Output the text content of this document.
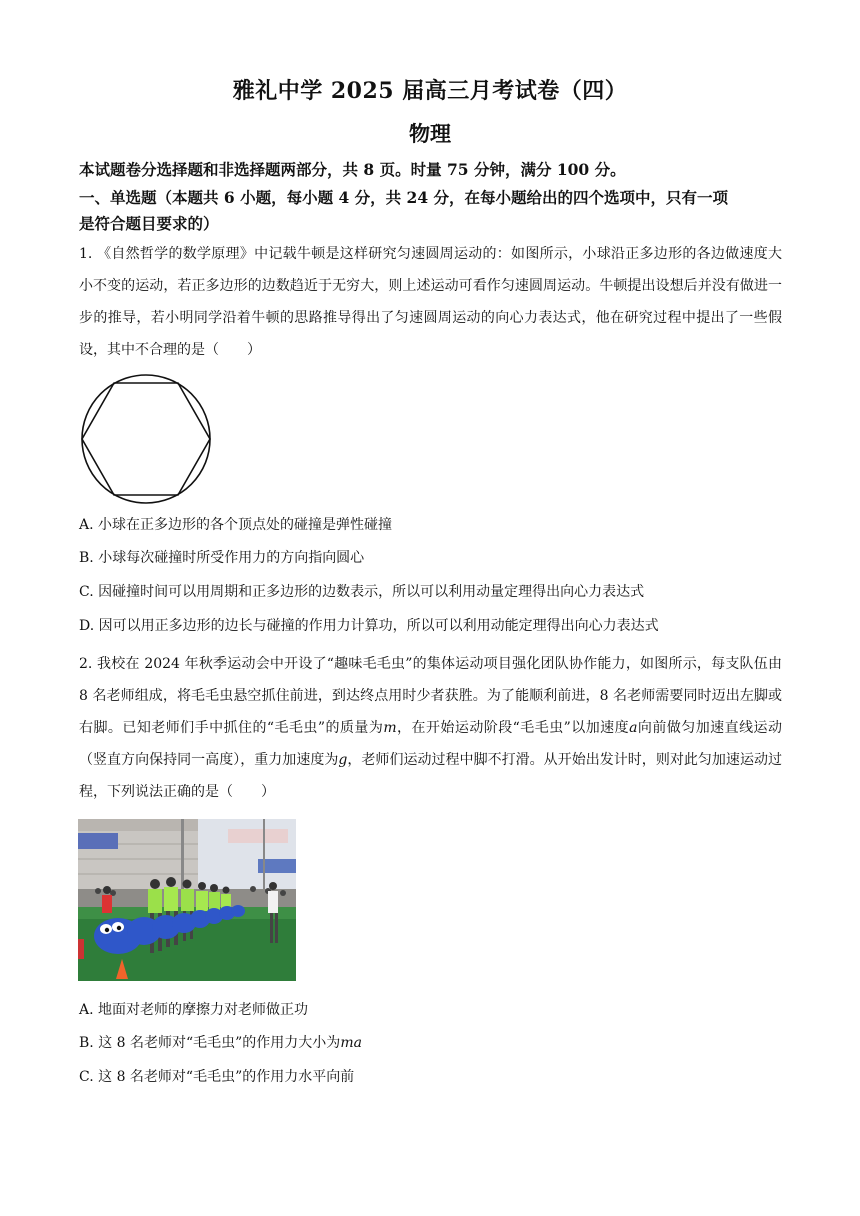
雅礼中学 2025 届高三月考试卷（四）
物理
本试题卷分选择题和非选择题两部分，共 8 页。时量 75 分钟，满分 100 分。
一、单选题（本题共 6 小题，每小题 4 分，共 24 分，在每小题给出的四个选项中，只有一项
是符合题目要求的）
1. 《自然哲学的数学原理》中记载牛顿是这样研究匀速圆周运动的：如图所示，小球沿正多边形的各边做速度大小不变的运动，若正多边形的边数趋近于无穷大，则上述运动可看作匀速圆周运动。牛顿提出设想后并没有做进一步的推导，若小明同学沿着牛顿的思路推导得出了匀速圆周运动的向心力表达式，他在研究过程中提出了一些假设，其中不合理的是（　　）
A. 小球在正多边形的各个顶点处的碰撞是弹性碰撞
B. 小球每次碰撞时所受作用力的方向指向圆心
C. 因碰撞时间可以用周期和正多边形的边数表示，所以可以利用动量定理得出向心力表达式
D. 因可以用正多边形的边长与碰撞的作用力计算功，所以可以利用动能定理得出向心力表达式
2. 我校在 2024 年秋季运动会中开设了“趣味毛毛虫”的集体运动项目强化团队协作能力，如图所示，每支队伍由 8 名老师组成，将毛毛虫悬空抓住前进，到达终点用时少者获胜。为了能顺利前进，8 名老师需要同时迈出左脚或右脚。已知老师们手中抓住的“毛毛虫”的质量为m，在开始运动阶段“毛毛虫”以加速度a向前做匀加速直线运动（竖直方向保持同一高度），重力加速度为g，老师们运动过程中脚不打滑。从开始出发计时，则对此匀加速运动过程，下列说法正确的是（　　）
A. 地面对老师的摩擦力对老师做正功
B. 这 8 名老师对“毛毛虫”的作用力大小为ma
C. 这 8 名老师对“毛毛虫”的作用力水平向前
